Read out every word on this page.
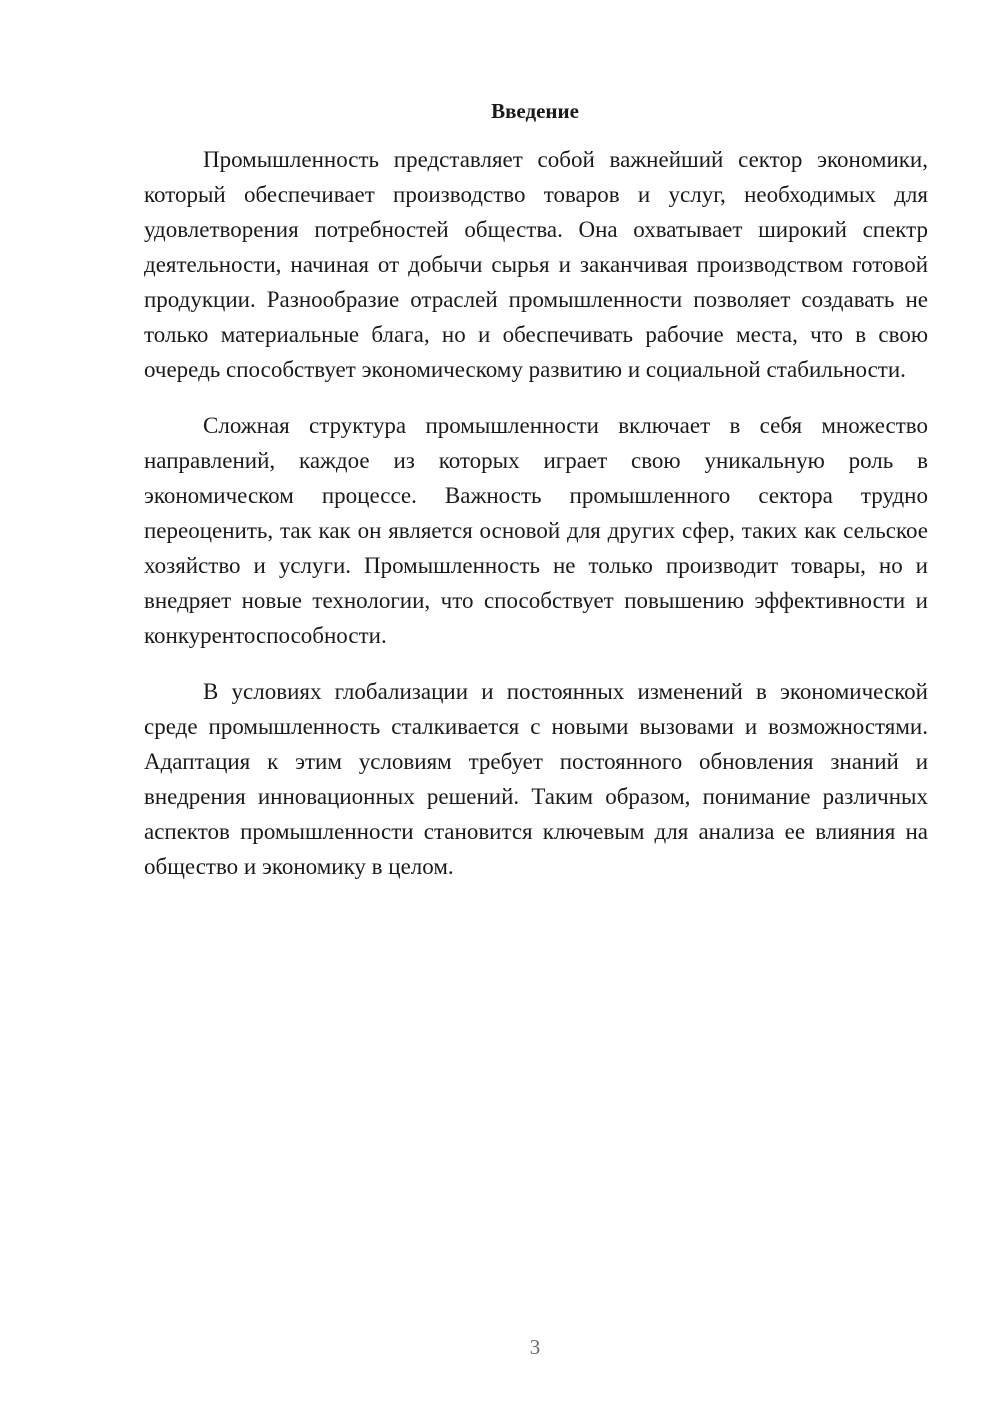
Введение

Промышленность представляет собой важнейший сектор экономики, который обеспечивает производство товаров и услуг, необходимых для удовлетворения потребностей общества. Она охватывает широкий спектр деятельности, начиная от добычи сырья и заканчивая производством готовой продукции. Разнообразие отраслей промышленности позволяет создавать не только материальные блага, но и обеспечивать рабочие места, что в свою очередь способствует экономическому развитию и социальной стабильности.

Сложная структура промышленности включает в себя множество направлений, каждое из которых играет свою уникальную роль в экономическом процессе. Важность промышленного сектора трудно переоценить, так как он является основой для других сфер, таких как сельское хозяйство и услуги. Промышленность не только производит товары, но и внедряет новые технологии, что способствует повышению эффективности и конкурентоспособности.

В условиях глобализации и постоянных изменений в экономической среде промышленность сталкивается с новыми вызовами и возможностями. Адаптация к этим условиям требует постоянного обновления знаний и внедрения инновационных решений. Таким образом, понимание различных аспектов промышленности становится ключевым для анализа ее влияния на общество и экономику в целом.

3
